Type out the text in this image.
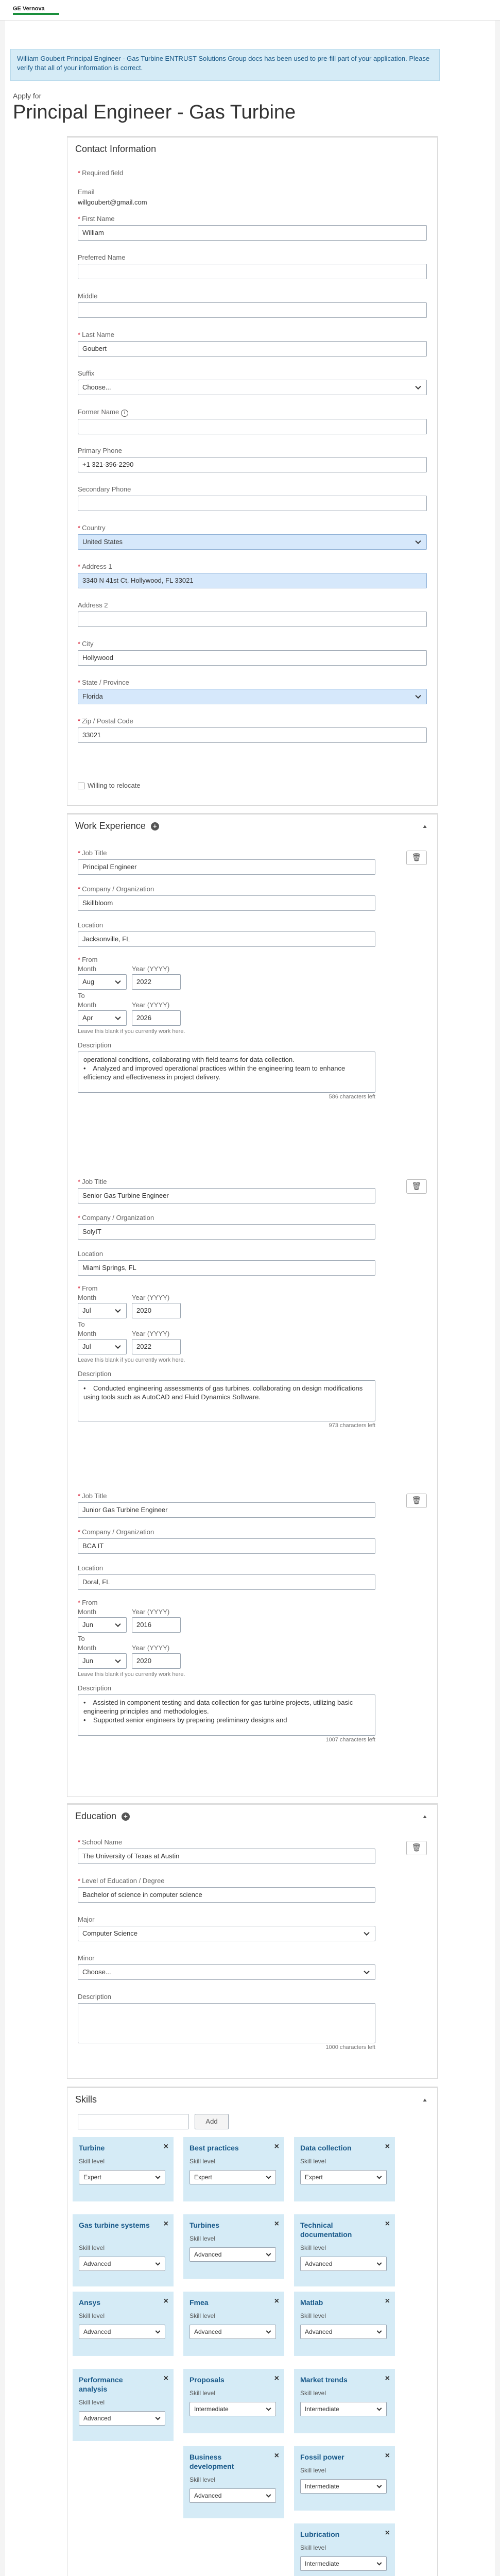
GE Vernova
William Goubert Principal Engineer - Gas Turbine ENTRUST Solutions Group docs has been used to pre-fill part of your application. Please verify that all of your information is correct.
Apply for
Principal Engineer - Gas Turbine
Contact Information
* Required field
Email
willgoubert@gmail.com
* First Name
William
Preferred Name
Middle
* Last Name
Goubert
Suffix
Choose...
Former Name i
Primary Phone
+1 321-396-2290
Secondary Phone
* Country
United States
* Address 1
3340 N 41st Ct, Hollywood, FL 33021
Address 2
* City
Hollywood
* State / Province
Florida
* Zip / Postal Code
33021
Willing to relocate
Work Experience +	▲
🗑
* Job Title
Principal Engineer
* Company / Organization
Skillbloom
Location
Jacksonville, FL
* From
Month	Year (YYYY)
Aug	2022
To
Month	Year (YYYY)
Apr	2026
Leave this blank if you currently work here.
Description
operational conditions, collaborating with field teams for data collection.
•    Analyzed and improved operational practices within the engineering team to enhance efficiency and effectiveness in project delivery.
586 characters left
🗑
* Job Title
Senior Gas Turbine Engineer
* Company / Organization
SolyIT
Location
Miami Springs, FL
* From
Month	Year (YYYY)
Jul	2020
To
Month	Year (YYYY)
Jul	2022
Leave this blank if you currently work here.
Description
•    Conducted engineering assessments of gas turbines, collaborating on design modifications using tools such as AutoCAD and Fluid Dynamics Software.
973 characters left
🗑
* Job Title
Junior Gas Turbine Engineer
* Company / Organization
BCA IT
Location
Doral, FL
* From
Month	Year (YYYY)
Jun	2016
To
Month	Year (YYYY)
Jun	2020
Leave this blank if you currently work here.
Description
•    Assisted in component testing and data collection for gas turbine projects, utilizing basic engineering principles and methodologies.
•    Supported senior engineers by preparing preliminary designs and
1007 characters left
Education +	▲
🗑
* School Name
The University of Texas at Austin
* Level of Education / Degree
Bachelor of science in computer science
Major
Computer Science
Minor
Choose...
Description
1000 characters left
Skills	▲
Add
Turbine	×
Skill level
Expert
Best practices	×
Skill level
Expert
Data collection	×
Skill level
Expert
Gas turbine systems ×
Skill level
Advanced
Turbines	×
Skill level
Advanced
Technical documentation
×
Skill level
Advanced
Ansys	×
Skill level
Advanced
Fmea	×
Skill level
Advanced
Matlab	×
Skill level
Advanced
Performance analysis
×
Skill level
Advanced
Proposals	×
Skill level
Intermediate
Market trends	×
Skill level
Intermediate
Business development
×
Skill level
Advanced
Fossil power	×
Skill level
Intermediate
Lubrication	×
Skill level
Intermediate
